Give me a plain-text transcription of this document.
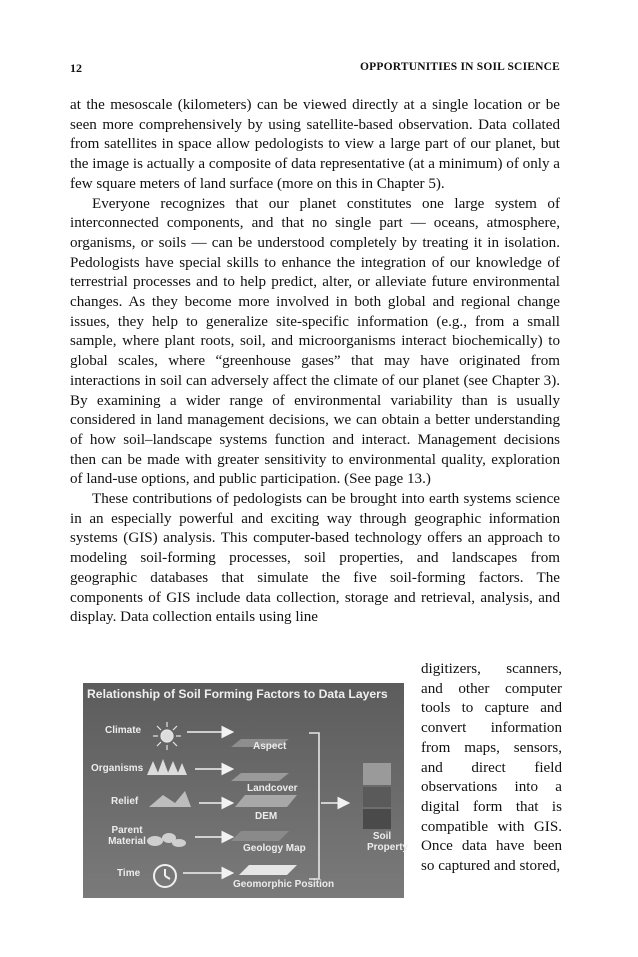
12	OPPORTUNITIES IN SOIL SCIENCE

at the mesoscale (kilometers) can be viewed directly at a single location or be seen more comprehensively by using satellite-based observation. Data collated from satellites in space allow pedologists to view a large part of our planet, but the image is actually a composite of data representative (at a minimum) of only a few square meters of land surface (more on this in Chapter 5).

Everyone recognizes that our planet constitutes one large system of interconnected components, and that no single part — oceans, atmosphere, organisms, or soils — can be understood completely by treating it in isolation. Pedologists have special skills to enhance the integration of our knowledge of terrestrial processes and to help predict, alter, or alleviate future environmental changes. As they become more involved in both global and regional change issues, they help to generalize site-specific information (e.g., from a small sample, where plant roots, soil, and microorganisms interact biochemically) to global scales, where “greenhouse gases” that may have originated from interactions in soil can adversely affect the climate of our planet (see Chapter 3). By examining a wider range of environmental variability than is usually considered in land management decisions, we can obtain a better understanding of how soil–landscape systems function and interact. Management decisions then can be made with greater sensitivity to environmental quality, exploration of land-use options, and public participation. (See page 13.)

These contributions of pedologists can be brought into earth systems science in an especially powerful and exciting way through geographic information systems (GIS) analysis. This computer-based technology offers an approach to modeling soil-forming processes, soil properties, and landscapes from geographic databases that simulate the five soil-forming factors. The components of GIS include data collection, storage and retrieval, analysis, and display. Data collection entails using line

digitizers, scanners, and other computer tools to capture and convert information from maps, sensors, and direct field observations into a digital form that is compatible with GIS. Once data have been so captured and stored,

Relationship of Soil Forming Factors to Data Layers
Climate
Organisms
Relief
Parent Material
Time
Aspect
Landcover
DEM
Geology Map
Geomorphic Position
Soil Property
